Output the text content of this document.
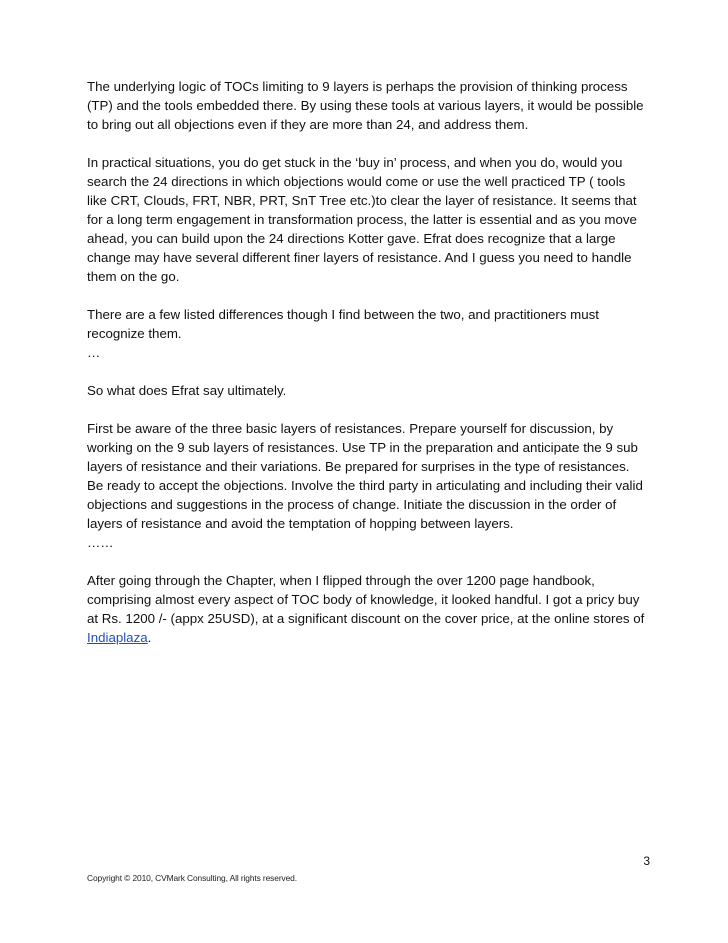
The underlying logic of TOCs limiting to 9 layers is perhaps the provision of thinking process (TP) and the tools embedded there. By using these tools at various layers, it would be possible to bring out all objections even if they are more than 24, and address them.

In practical situations, you do get stuck in the ‘buy in’ process, and when you do, would you search the 24 directions in which objections would come or use the well practiced TP ( tools like CRT, Clouds, FRT, NBR, PRT, SnT Tree etc.)to clear the layer of resistance. It seems that for a long term engagement in transformation process, the latter is essential and as you move ahead, you can build upon the 24 directions Kotter gave. Efrat does recognize that a large change may have several different finer layers of resistance. And I guess you need to handle them on the go.

There are a few listed differences though I find between the two, and practitioners must recognize them.

…

So what does Efrat say ultimately.

First be aware of the three basic layers of resistances. Prepare yourself for discussion, by working on the 9 sub layers of resistances. Use TP in the preparation and anticipate the 9 sub layers of resistance and their variations. Be prepared for surprises in the type of resistances. Be ready to accept the objections. Involve the third party in articulating and including their valid objections and suggestions in the process of change. Initiate the discussion in the order of layers of resistance and avoid the temptation of hopping between layers.

……

After going through the Chapter, when I flipped through the over 1200 page handbook, comprising almost every aspect of TOC body of knowledge, it looked handful. I got a pricy buy at Rs. 1200 /- (appx 25USD), at a significant discount on the cover price, at the online stores of Indiaplaza.

3
Copyright © 2010, CVMark Consulting, All rights reserved.
